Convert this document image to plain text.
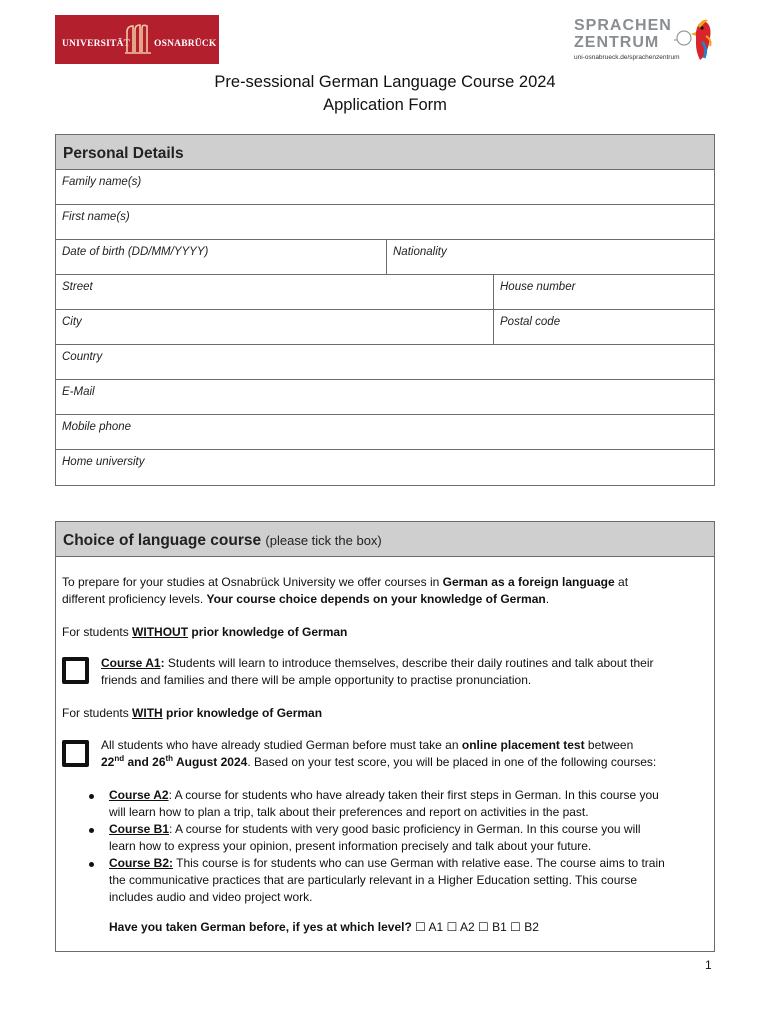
UNIVERSITÄT	OSNABRÜCK
SPRACHEN
ZENTRUM
uni-osnabrueck.de/sprachenzentrum
Pre-sessional German Language Course 2024
Application Form
Personal Details
Family name(s)
First name(s)
Date of birth (DD/MM/YYYY)	Nationality
Street	House number
City	Postal code
Country
E-Mail
Mobile phone
Home university
Choice of language course (please tick the box)
To prepare for your studies at Osnabrück University we offer courses in German as a foreign language at
different proficiency levels. Your course choice depends on your knowledge of German.
For students WITHOUT prior knowledge of German
Course A1: Students will learn to introduce themselves, describe their daily routines and talk about their
friends and families and there will be ample opportunity to practise pronunciation.
For students WITH prior knowledge of German
All students who have already studied German before must take an online placement test between
22nd and 26th August 2024. Based on your test score, you will be placed in one of the following courses:
Course A2: A course for students who have already taken their first steps in German. In this course you
will learn how to plan a trip, talk about their preferences and report on activities in the past.
Course B1: A course for students with very good basic proficiency in German. In this course you will
learn how to express your opinion, present information precisely and talk about your future.
Course B2: This course is for students who can use German with relative ease. The course aims to train
the communicative practices that are particularly relevant in a Higher Education setting. This course
includes audio and video project work.
Have you taken German before, if yes at which level? ☐ A1 ☐ A2 ☐ B1 ☐ B2
1
